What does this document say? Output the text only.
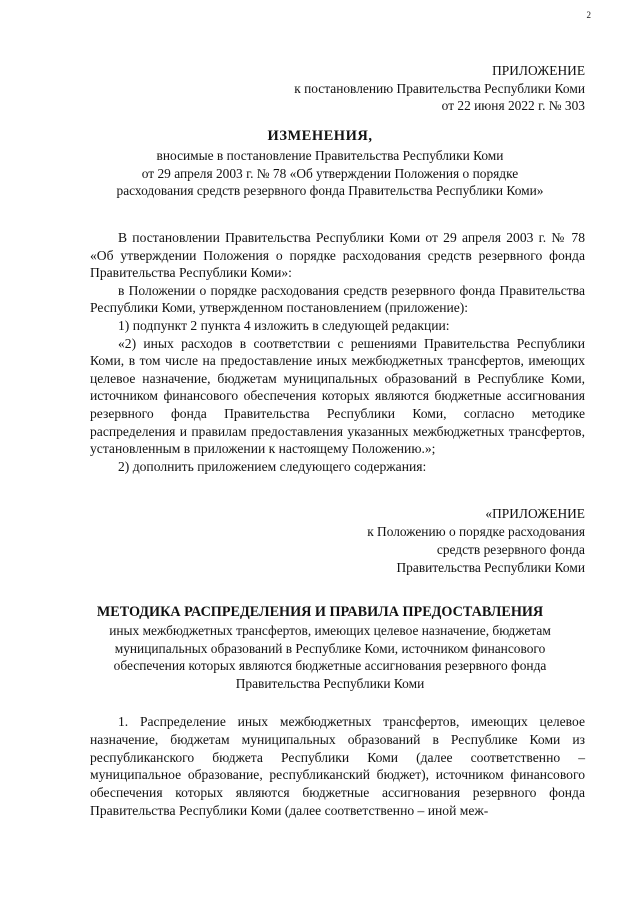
2
ПРИЛОЖЕНИЕ
к постановлению Правительства Республики Коми
от 22 июня 2022 г. № 303
ИЗМЕНЕНИЯ,
вносимые в постановление Правительства Республики Коми
от 29 апреля 2003 г. № 78 «Об утверждении Положения о порядке
расходования средств резервного фонда Правительства Республики Коми»

В постановлении Правительства Республики Коми от 29 апреля 2003 г. № 78 «Об утверждении Положения о порядке расходования средств резервного фонда Правительства Республики Коми»:

в Положении о порядке расходования средств резервного фонда Правительства Республики Коми, утвержденном постановлением (приложение):

1) подпункт 2 пункта 4 изложить в следующей редакции:

«2) иных расходов в соответствии с решениями Правительства Республики Коми, в том числе на предоставление иных межбюджетных трансфертов, имеющих целевое назначение, бюджетам муниципальных образований в Республике Коми, источником финансового обеспечения которых являются бюджетные ассигнования резервного фонда Правительства Республики Коми, согласно методике распределения и правилам предоставления указанных межбюджетных трансфертов, установленным в приложении к настоящему Положению.»;

2) дополнить приложением следующего содержания:

«ПРИЛОЖЕНИЕ
к Положению о порядке расходования
средств резервного фонда
Правительства Республики Коми
МЕТОДИКА РАСПРЕДЕЛЕНИЯ И ПРАВИЛА ПРЕДОСТАВЛЕНИЯ
иных межбюджетных трансфертов, имеющих целевое назначение, бюджетам
муниципальных образований в Республике Коми, источником финансового
обеспечения которых являются бюджетные ассигнования резервного фонда
Правительства Республики Коми

1. Распределение иных межбюджетных трансфертов, имеющих целевое назначение, бюджетам муниципальных образований в Республике Коми из республиканского бюджета Республики Коми (далее соответственно – муниципальное образование, республиканский бюджет), источником финансового обеспечения которых являются бюджетные ассигнования резервного фонда Правительства Республики Коми (далее соответственно – иной меж-
